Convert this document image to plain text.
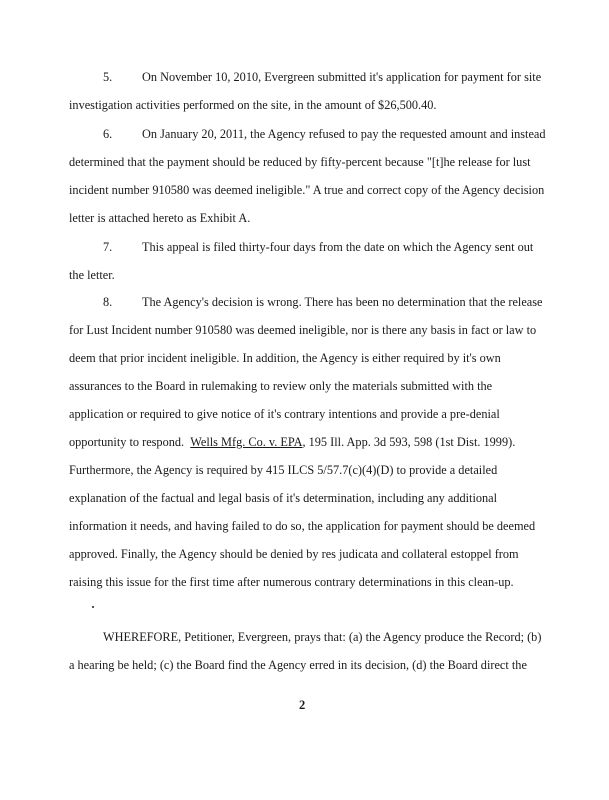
5. On November 10, 2010, Evergreen submitted it's application for payment for site
investigation activities performed on the site, in the amount of $26,500.40.
6. On January 20, 2011, the Agency refused to pay the requested amount and instead
determined that the payment should be reduced by fifty-percent because "[t]he release for lust
incident number 910580 was deemed ineligible." A true and correct copy of the Agency decision
letter is attached hereto as Exhibit A.
7. This appeal is filed thirty-four days from the date on which the Agency sent out
the letter.
8. The Agency's decision is wrong. There has been no determination that the release
for Lust Incident number 910580 was deemed ineligible, nor is there any basis in fact or law to
deem that prior incident ineligible. In addition, the Agency is either required by it's own
assurances to the Board in rulemaking to review only the materials submitted with the
application or required to give notice of it's contrary intentions and provide a pre-denial
opportunity to respond. Wells Mfg. Co. v. EPA, 195 Ill. App. 3d 593, 598 (1st Dist. 1999).
Furthermore, the Agency is required by 415 ILCS 5/57.7(c)(4)(D) to provide a detailed
explanation of the factual and legal basis of it's determination, including any additional
information it needs, and having failed to do so, the application for payment should be deemed
approved. Finally, the Agency should be denied by res judicata and collateral estoppel from
raising this issue for the first time after numerous contrary determinations in this clean-up.
WHEREFORE, Petitioner, Evergreen, prays that: (a) the Agency produce the Record; (b)
a hearing be held; (c) the Board find the Agency erred in its decision, (d) the Board direct the
2
